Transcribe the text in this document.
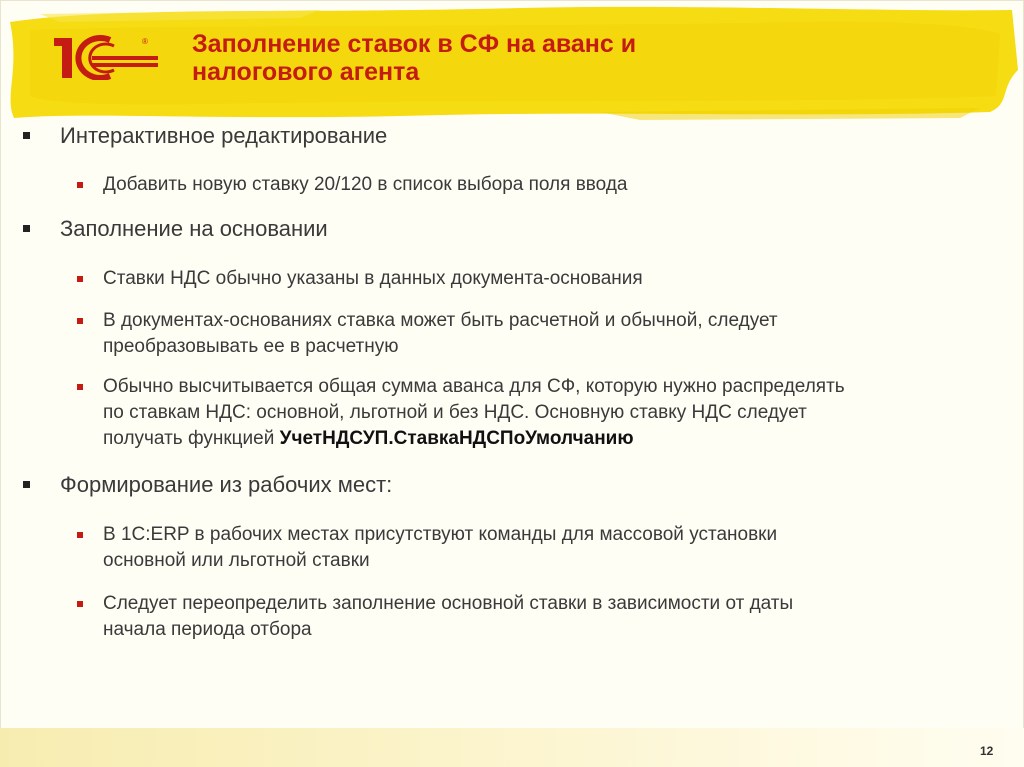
® Заполнение ставок в СФ на аванс и
налогового агента
Интерактивное редактирование
Добавить новую ставку 20/120 в список выбора поля ввода
Заполнение на основании
Ставки НДС обычно указаны в данных документа-основания
В документах-основаниях ставка может быть расчетной и обычной, следует
преобразовывать ее в расчетную
Обычно высчитывается общая сумма аванса для СФ, которую нужно распределять
по ставкам НДС: основной, льготной и без НДС. Основную ставку НДС следует
получать функцией УчетНДСУП.СтавкаНДСПоУмолчанию
Формирование из рабочих мест:
В 1С:ERP в рабочих местах присутствуют команды для массовой установки
основной или льготной ставки
Следует переопределить заполнение основной ставки в зависимости от даты
начала периода отбора
12
